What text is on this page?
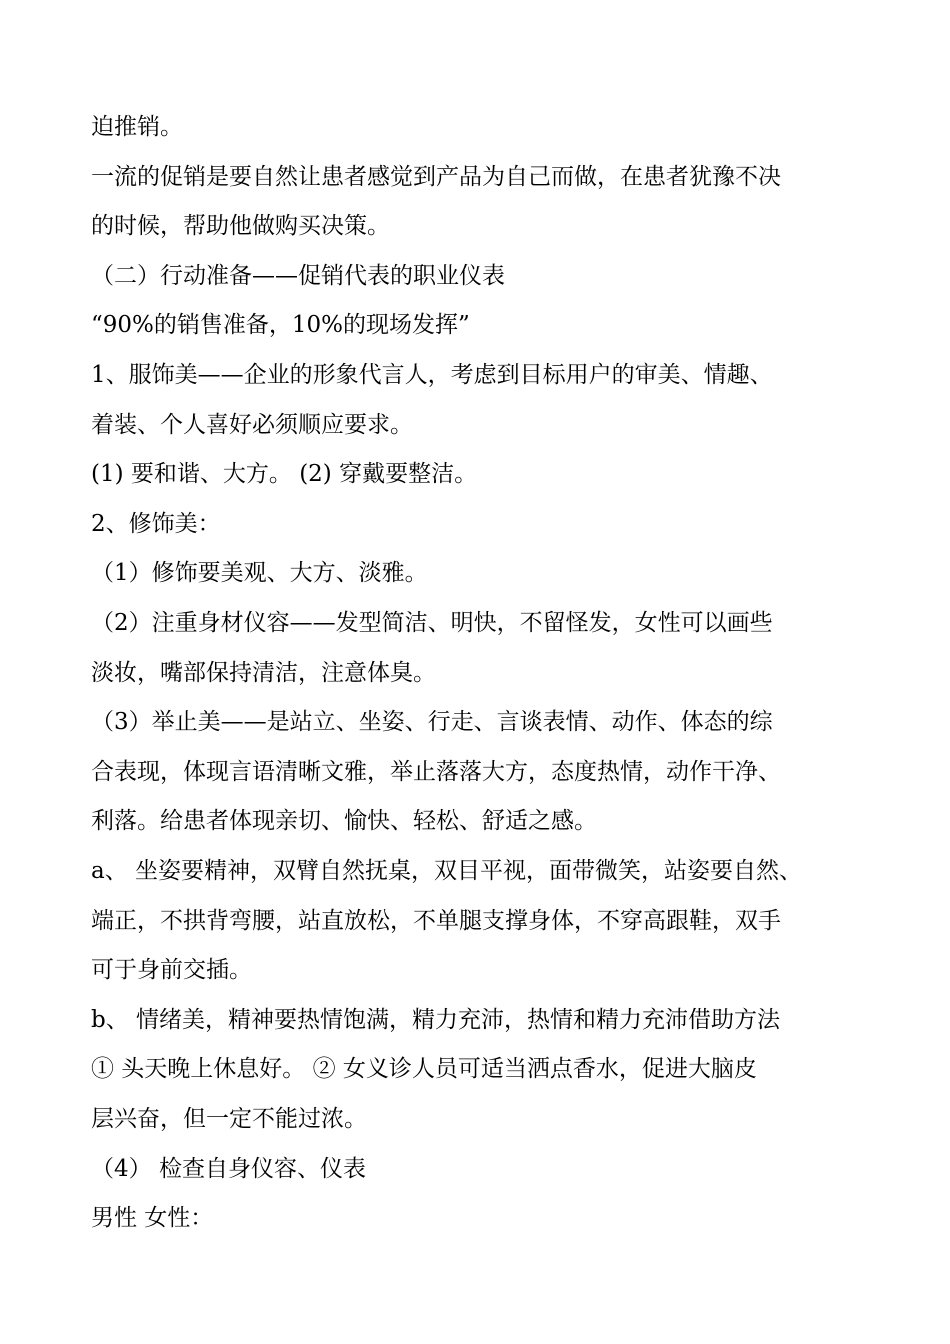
迫推销。
一流的促销是要自然让患者感觉到产品为自己而做，在患者犹豫不决
的时候，帮助他做购买决策。
（二）行动准备——促销代表的职业仪表
“90%的销售准备，10%的现场发挥”
1、服饰美——企业的形象代言人，考虑到目标用户的审美、情趣、
着装、个人喜好必须顺应要求。
(1) 要和谐、大方。 (2) 穿戴要整洁。
2、修饰美：
（1）修饰要美观、大方、淡雅。
（2）注重身材仪容——发型简洁、明快，不留怪发，女性可以画些
淡妆，嘴部保持清洁，注意体臭。
（3）举止美——是站立、坐姿、行走、言谈表情、动作、体态的综
合表现，体现言语清晰文雅，举止落落大方，态度热情，动作干净、
利落。给患者体现亲切、愉快、轻松、舒适之感。
a、 坐姿要精神，双臂自然抚桌，双目平视，面带微笑，站姿要自然、
端正，不拱背弯腰，站直放松，不单腿支撑身体，不穿高跟鞋，双手
可于身前交插。
b、 情绪美，精神要热情饱满，精力充沛，热情和精力充沛借助方法
① 头天晚上休息好。 ② 女义诊人员可适当洒点香水，促进大脑皮
层兴奋，但一定不能过浓。
（4） 检查自身仪容、仪表
男性 女性：
